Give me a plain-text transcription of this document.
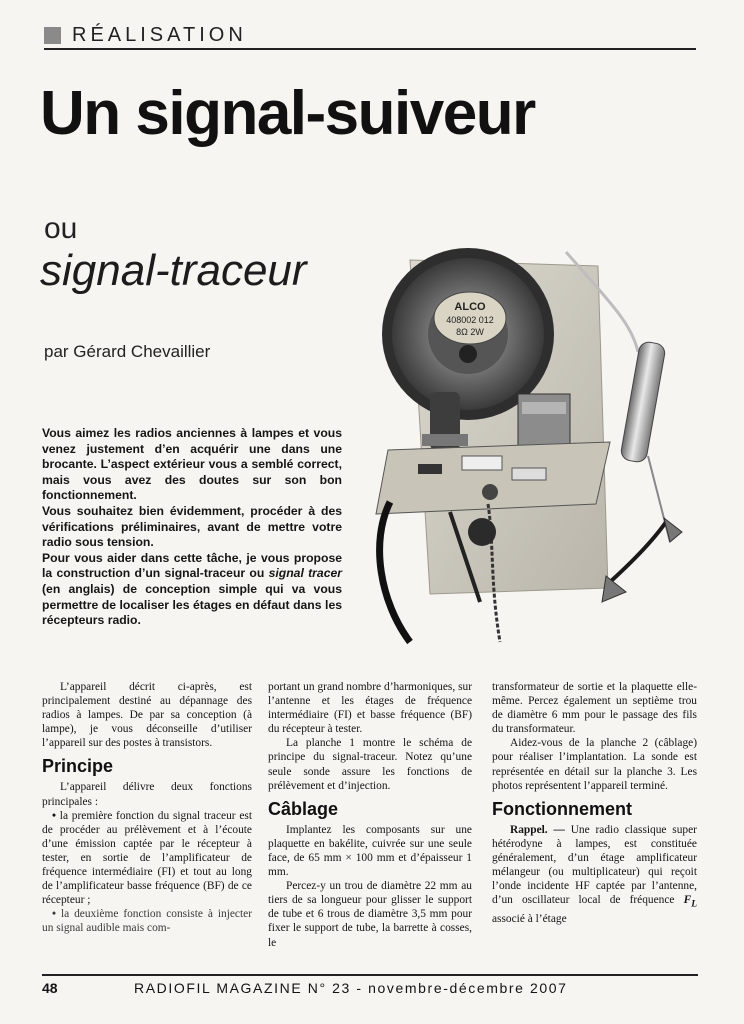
RÉALISATION
Un signal-suiveur
ou
signal-traceur
par Gérard Chevaillier
ALCO
408002 012
8Ω 2W

Vous aimez les radios anciennes à lampes et vous venez justement d’en acquérir une dans une brocante. L’aspect extérieur vous a semblé correct, mais vous avez des doutes sur son bon fonctionnement.

Vous souhaitez bien évidemment, procéder à des vérifications préliminaires, avant de mettre votre radio sous tension.

Pour vous aider dans cette tâche, je vous propose la construction d’un signal-traceur ou signal tracer (en anglais) de conception simple qui va vous permettre de localiser les étages en défaut dans les récepteurs radio.

L’appareil décrit ci-après, est principalement destiné au dépannage des radios à lampes. De par sa conception (à lampe), je vous déconseille d’utiliser l’appareil sur des postes à transistors.

Principe

L’appareil délivre deux fonctions principales :

• la première fonction du signal traceur est de procéder au prélèvement et à l’écoute d’une émission captée par le récepteur à tester, en sortie de l’amplificateur de fréquence intermédiaire (FI) et tout au long de l’amplificateur basse fréquence (BF) de ce récepteur ;
• la deuxième fonction consiste à injecter un signal audible mais com-

portant un grand nombre d’harmoniques, sur l’antenne et les étages de fréquence intermédiaire (FI) et basse fréquence (BF) du récepteur à tester.

La planche 1 montre le schéma de principe du signal-traceur. Notez qu’une seule sonde assure les fonctions de prélèvement et d’injection.

Câblage

Implantez les composants sur une plaquette en bakélite, cuivrée sur une seule face, de 65 mm × 100 mm et d’épaisseur 1 mm.

Percez-y un trou de diamètre 22 mm au tiers de sa longueur pour glisser le support de tube et 6 trous de diamètre 3,5 mm pour fixer le support de tube, la barrette à cosses, le

transformateur de sortie et la plaquette elle-même. Percez également un septième trou de diamètre 6 mm pour le passage des fils du transformateur.

Aidez-vous de la planche 2 (câblage) pour réaliser l’implantation. La sonde est représentée en détail sur la planche 3. Les photos représentent l’appareil terminé.

Fonctionnement

Rappel. — Une radio classique super hétérodyne à lampes, est constituée généralement, d’un étage amplificateur mélangeur (ou multiplicateur) qui reçoit l’onde incidente HF captée par l’antenne, d’un oscillateur local de fréquence $F_L$ associé à l’étage

48	RADIOFIL MAGAZINE N° 23 - novembre-décembre 2007
